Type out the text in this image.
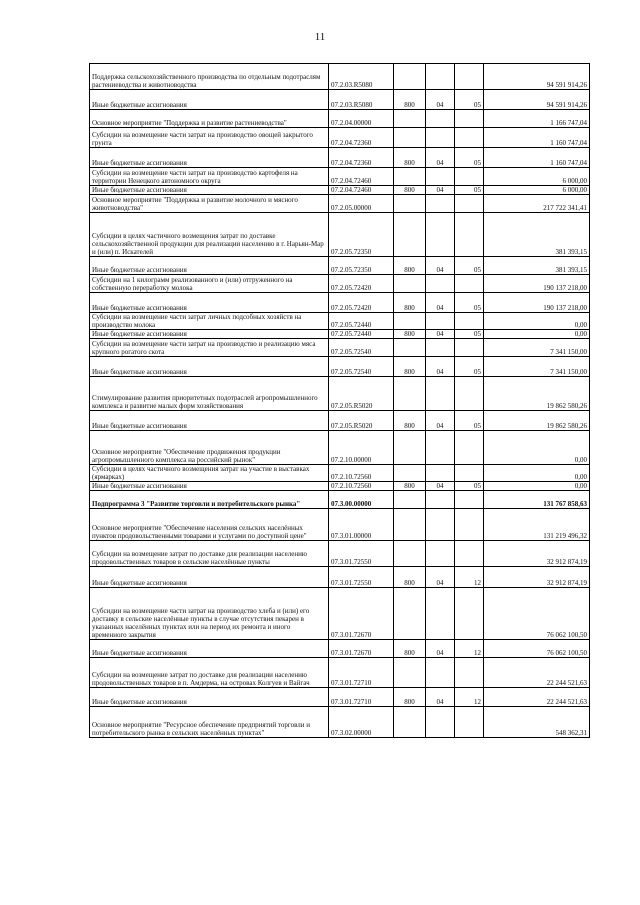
11
Поддержка сельскохозяйственного производства по отдельным подотраслям растениеводства и животноводства	07.2.03.R5080				94 591 914,26
Иные бюджетные ассигнования	07.2.03.R5080	800	04	05	94 591 914,26
Основное мероприятие "Поддержка и развитие растениеводства"	07.2.04.00000				1 166 747,04
Субсидии на возмещение части затрат на производство овощей закрытого грунта	07.2.04.72360				1 160 747,04
Иные бюджетные ассигнования	07.2.04.72360	800	04	05	1 160 747,04
Субсидии на возмещение части затрат на производство картофеля на территории Ненецкого автономного округа	07.2.04.72460				6 000,00
Иные бюджетные ассигнования	07.2.04.72460	800	04	05	6 000,00
Основное мероприятие "Поддержка и развитие молочного и мясного животноводства"	07.2.05.00000				217 722 341,41
Субсидии в целях частичного возмещения затрат по доставке сельскохозяйственной продукции для реализации населению в г. Нарьян-Мар и (или) п. Искателей	07.2.05.72350				381 393,15
Иные бюджетные ассигнования	07.2.05.72350	800	04	05	381 393,15
Субсидии на 1 килограмм реализованного и (или) отгруженного на собственную переработку молока	07.2.05.72420				190 137 218,00
Иные бюджетные ассигнования	07.2.05.72420	800	04	05	190 137 218,00
Субсидии на возмещение части затрат личных подсобных хозяйств на производство молока	07.2.05.72440				0,00
Иные бюджетные ассигнования	07.2.05.72440	800	04	05	0,00
Субсидии на возмещение части затрат на производство и реализацию мяса крупного рогатого скота	07.2.05.72540				7 341 150,00
Иные бюджетные ассигнования	07.2.05.72540	800	04	05	7 341 150,00
Стимулирование развития приоритетных подотраслей агропромышленного комплекса и развитие малых форм хозяйствования	07.2.05.R5020				19 862 580,26
Иные бюджетные ассигнования	07.2.05.R5020	800	04	05	19 862 580,26
Основное мероприятие "Обеспечение продвижения продукции агропромышленного комплекса на российский рынок"	07.2.10.00000				0,00
Субсидии в целях частичного возмещения затрат на участие в выставках (ярмарках)	07.2.10.72560				0,00
Иные бюджетные ассигнования	07.2.10.72560	800	04	05	0,00
Подпрограмма 3 "Развитие торговли и потребительского рынка"	07.3.00.00000				131 767 858,63
Основное мероприятие "Обеспечение населения сельских населённых пунктов продовольственными товарами и услугами по доступной цене"	07.3.01.00000				131 219 496,32
Субсидии на возмещение затрат по доставке для реализации населению продовольственных товаров в сельские населённые пункты	07.3.01.72550				32 912 874,19
Иные бюджетные ассигнования	07.3.01.72550	800	04	12	32 912 874,19
Субсидии на возмещение части затрат на производство хлеба и (или) его доставку в сельские населённые пункты в случае отсутствия пекарен в указанных населённых пунктах или на период их ремонта и иного временного закрытия	07.3.01.72670				76 062 100,50
Иные бюджетные ассигнования	07.3.01.72670	800	04	12	76 062 100,50
Субсидии на возмещение затрат по доставке для реализации населению продовольственных товаров в п. Амдерма, на островах Колгуев и Вайгач	07.3.01.72710				22 244 521,63
Иные бюджетные ассигнования	07.3.01.72710	800	04	12	22 244 521,63
Основное мероприятие "Ресурсное обеспечение предприятий торговли и потребительского рынка в сельских населённых пунктах"	07.3.02.00000				548 362,31
